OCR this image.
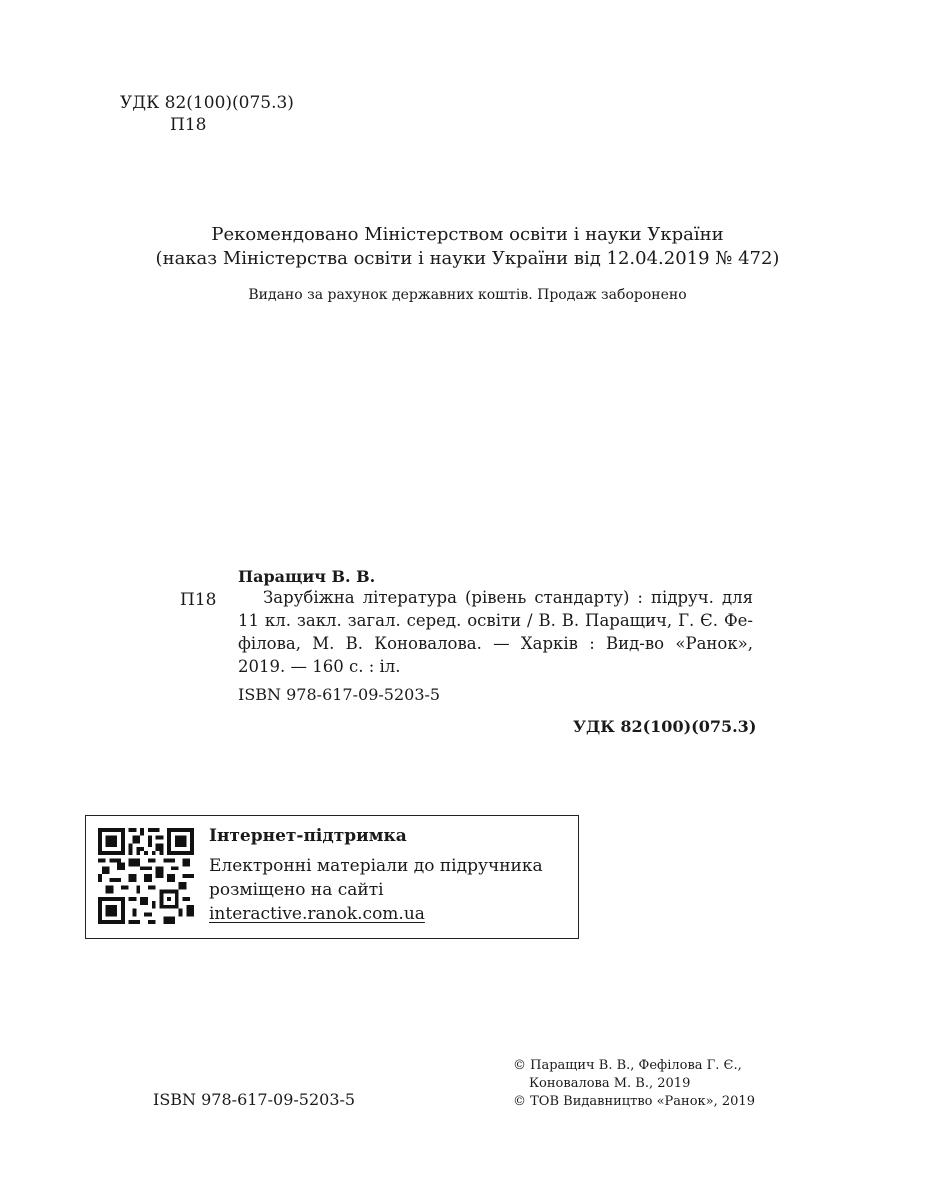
УДК 82(100)(075.3)
П18
Рекомендовано Міністерством освіти і науки України
(наказ Міністерства освіти і науки України від 12.04.2019 № 472)
Видано за рахунок державних коштів. Продаж заборонено
Паращич В. В.
П18	Зарубіжна література (рівень стандарту) : підруч. для
11 кл. закл. загал. серед. освіти / В. В. Паращич, Г. Є. Фе-
філова, М. В. Коновалова. — Харків : Вид-во «Ранок»,
2019. — 160 с. : іл.
ISBN 978-617-09-5203-5
УДК 82(100)(075.3)
Інтернет-підтримка
Електронні матеріали до підручника
розміщено на сайті
interactive.ranok.com.ua
ISBN 978-617-09-5203-5
© Паращич В. В., Фефілова Г. Є.,
Коновалова М. В., 2019
© ТОВ Видавництво «Ранок», 2019
